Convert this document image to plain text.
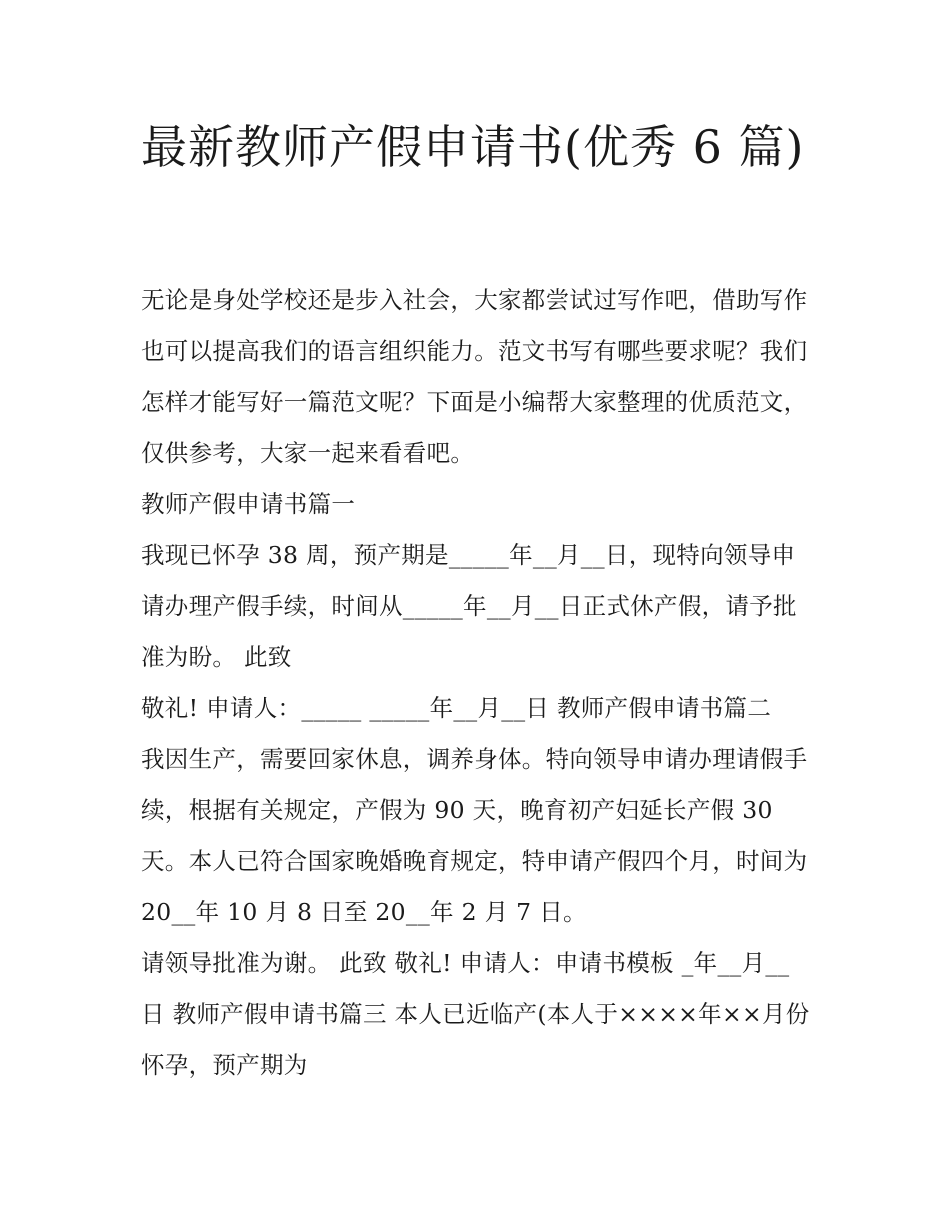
最新教师产假申请书(优秀 6 篇)

无论是身处学校还是步入社会，大家都尝试过写作吧，借助写作也可以提高我们的语言组织能力。范文书写有哪些要求呢？我们怎样才能写好一篇范文呢？下面是小编帮大家整理的优质范文，仅供参考，大家一起来看看吧。

教师产假申请书篇一

我现已怀孕 38 周，预产期是_____年__月__日，现特向领导申请办理产假手续，时间从_____年__月__日正式休产假，请予批准为盼。 此致

敬礼! 申请人：_____ _____年__月__日 教师产假申请书篇二

我因生产，需要回家休息，调养身体。特向领导申请办理请假手续，根据有关规定，产假为 90 天，晚育初产妇延长产假 30 天。本人已符合国家晚婚晚育规定，特申请产假四个月，时间为 20__年 10 月 8 日至 20__年 2 月 7 日。

请领导批准为谢。 此致 敬礼! 申请人：申请书模板 _年__月__日 教师产假申请书篇三 本人已近临产(本人于××××年××月份怀孕，预产期为
